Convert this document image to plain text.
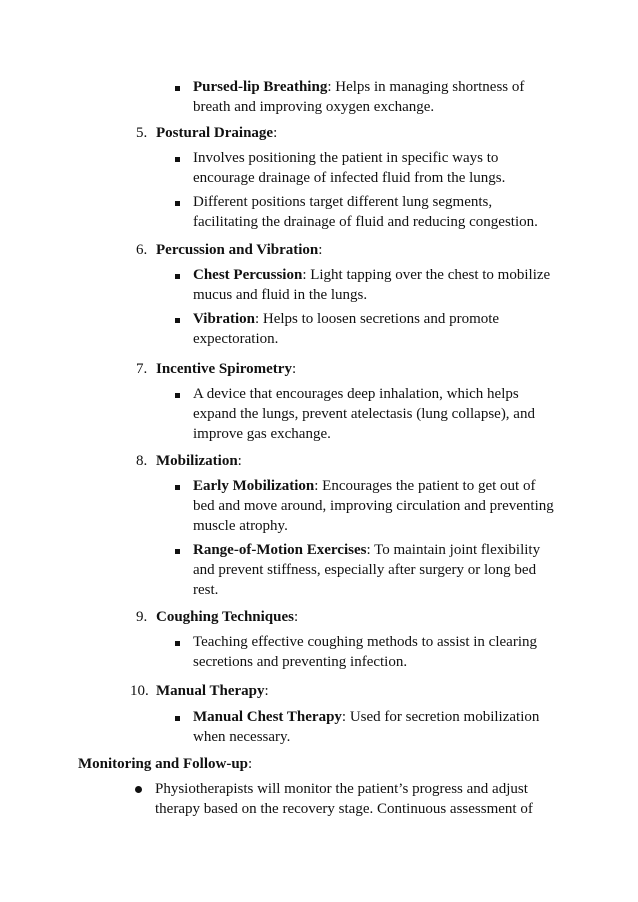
Pursed-lip Breathing: Helps in managing shortness of
breath and improving oxygen exchange.
5. Postural Drainage:
Involves positioning the patient in specific ways to
encourage drainage of infected fluid from the lungs.
Different positions target different lung segments,
facilitating the drainage of fluid and reducing congestion.
6. Percussion and Vibration:
Chest Percussion: Light tapping over the chest to mobilize
mucus and fluid in the lungs.
Vibration: Helps to loosen secretions and promote
expectoration.
7. Incentive Spirometry:
A device that encourages deep inhalation, which helps
expand the lungs, prevent atelectasis (lung collapse), and
improve gas exchange.
8. Mobilization:
Early Mobilization: Encourages the patient to get out of
bed and move around, improving circulation and preventing
muscle atrophy.
Range-of-Motion Exercises: To maintain joint flexibility
and prevent stiffness, especially after surgery or long bed
rest.
9. Coughing Techniques:
Teaching effective coughing methods to assist in clearing
secretions and preventing infection.
10. Manual Therapy:
Manual Chest Therapy: Used for secretion mobilization
when necessary.
Monitoring and Follow-up:
Physiotherapists will monitor the patient’s progress and adjust
therapy based on the recovery stage. Continuous assessment of
